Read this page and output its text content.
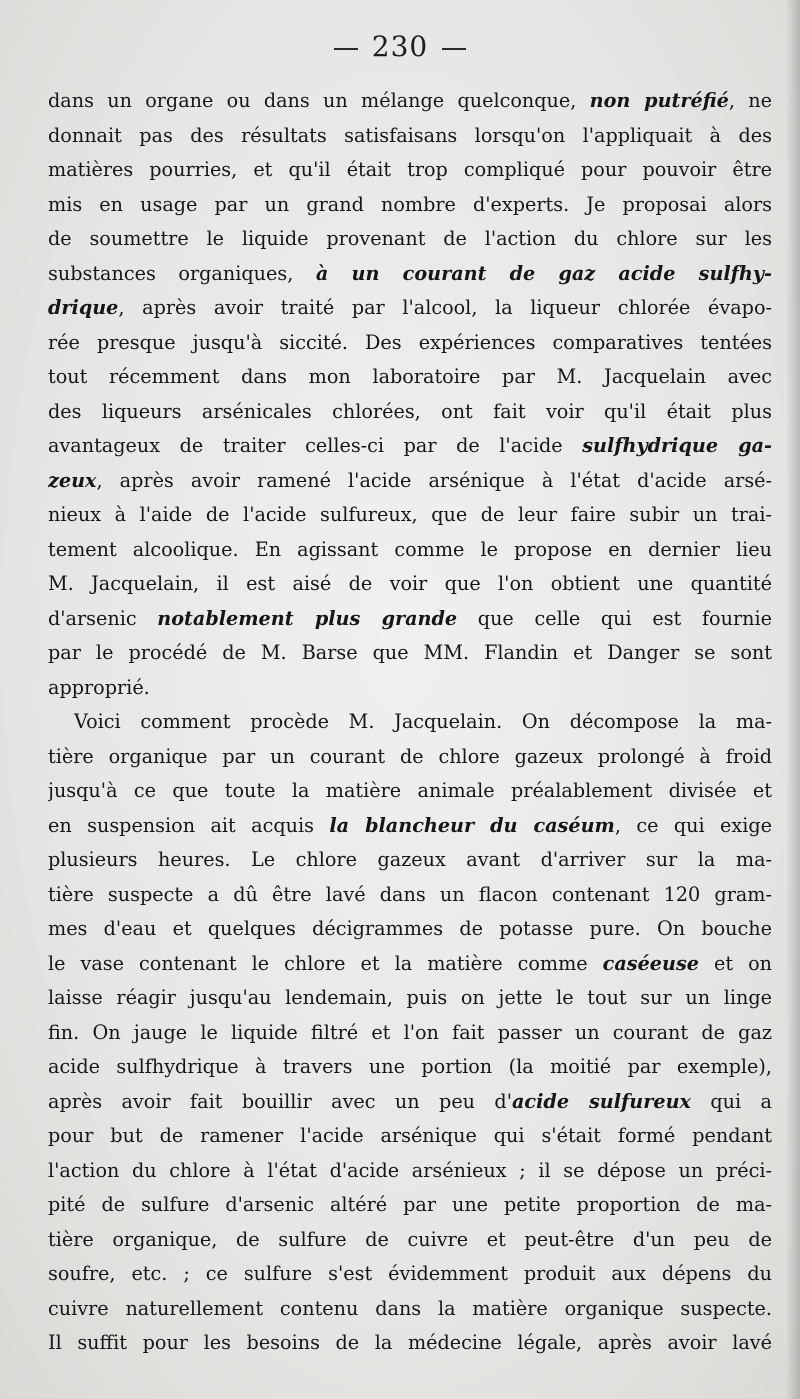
230
dans un organe ou dans un mélange quelconque, non putréfié, ne
donnait pas des résultats satisfaisans lorsqu'on l'appliquait à des
matières pourries, et qu'il était trop compliqué pour pouvoir être
mis en usage par un grand nombre d'experts. Je proposai alors
de soumettre le liquide provenant de l'action du chlore sur les
substances organiques, à un courant de gaz acide sulfhy-
drique, après avoir traité par l'alcool, la liqueur chlorée évapo-
rée presque jusqu'à siccité. Des expériences comparatives tentées
tout récemment dans mon laboratoire par M. Jacquelain avec
des liqueurs arsénicales chlorées, ont fait voir qu'il était plus
avantageux de traiter celles-ci par de l'acide sulfhydrique ga-
zeux, après avoir ramené l'acide arsénique à l'état d'acide arsé-
nieux à l'aide de l'acide sulfureux, que de leur faire subir un trai-
tement alcoolique. En agissant comme le propose en dernier lieu
M. Jacquelain, il est aisé de voir que l'on obtient une quantité
d'arsenic notablement plus grande que celle qui est fournie
par le procédé de M. Barse que MM. Flandin et Danger se sont
approprié.
Voici comment procède M. Jacquelain. On décompose la ma-
tière organique par un courant de chlore gazeux prolongé à froid
jusqu'à ce que toute la matière animale préalablement divisée et
en suspension ait acquis la blancheur du caséum, ce qui exige
plusieurs heures. Le chlore gazeux avant d'arriver sur la ma-
tière suspecte a dû être lavé dans un flacon contenant 120 gram-
mes d'eau et quelques décigrammes de potasse pure. On bouche
le vase contenant le chlore et la matière comme caséeuse et on
laisse réagir jusqu'au lendemain, puis on jette le tout sur un linge
fin. On jauge le liquide filtré et l'on fait passer un courant de gaz
acide sulfhydrique à travers une portion (la moitié par exemple),
après avoir fait bouillir avec un peu d'acide sulfureux qui a
pour but de ramener l'acide arsénique qui s'était formé pendant
l'action du chlore à l'état d'acide arsénieux ; il se dépose un préci-
pité de sulfure d'arsenic altéré par une petite proportion de ma-
tière organique, de sulfure de cuivre et peut-être d'un peu de
soufre, etc. ; ce sulfure s'est évidemment produit aux dépens du
cuivre naturellement contenu dans la matière organique suspecte.
Il suffit pour les besoins de la médecine légale, après avoir lavé
